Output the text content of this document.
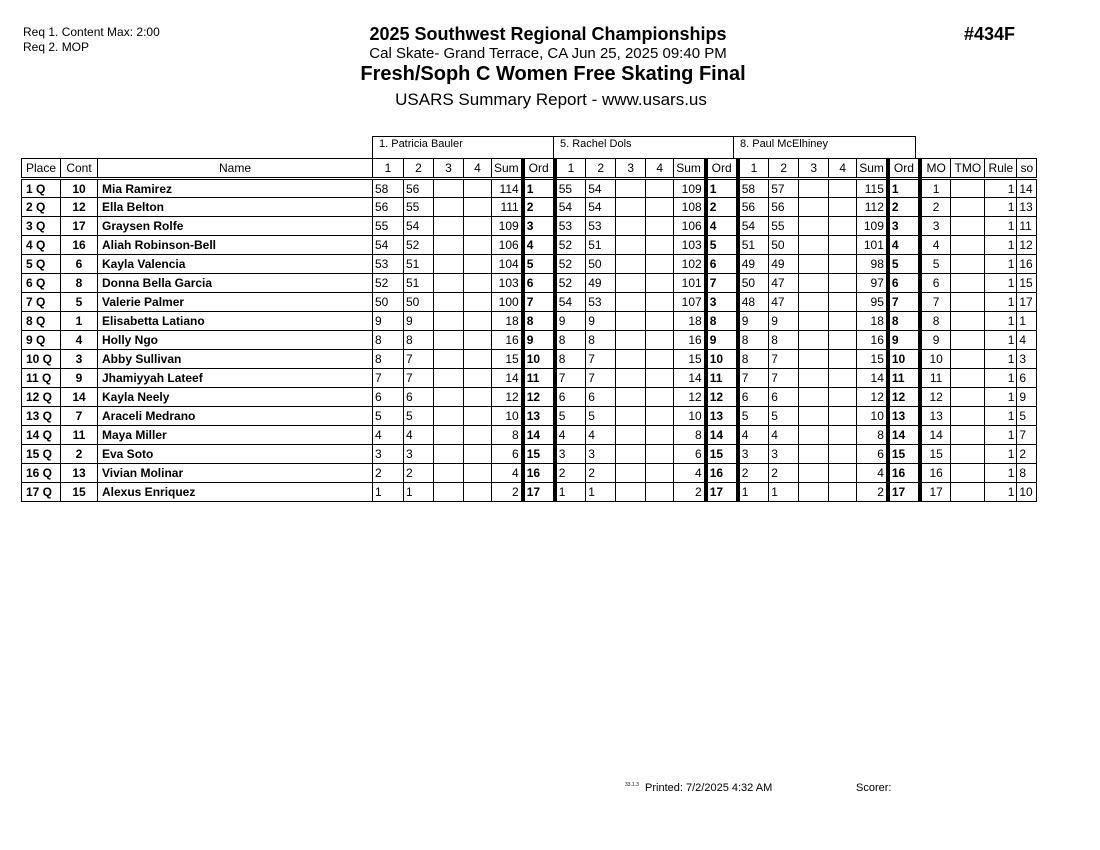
Req 1. Content Max: 2:00
Req 2. MOP
2025 Southwest Regional Championships
Cal Skate- Grand Terrace, CA Jun 25, 2025 09:40 PM
Fresh/Soph C Women Free Skating Final
USARS Summary Report - www.usars.us
#434F
1. Patricia Bauler	5. Rachel Dols	8. Paul McElhiney
Place	Cont	Name	1	2	3	4	Sum	Ord	1	2	3	4	Sum	Ord	1	2	3	4	Sum	Ord	MO	TMO	Rule	so
1 Q	10	Mia Ramirez	58	56			114	1	55	54			109	1	58	57			115	1	1		1	14
2 Q	12	Ella Belton	56	55			111	2	54	54			108	2	56	56			112	2	2		1	13
3 Q	17	Graysen Rolfe	55	54			109	3	53	53			106	4	54	55			109	3	3		1	11
4 Q	16	Aliah Robinson-Bell	54	52			106	4	52	51			103	5	51	50			101	4	4		1	12
5 Q	6	Kayla Valencia	53	51			104	5	52	50			102	6	49	49			98	5	5		1	16
6 Q	8	Donna Bella Garcia	52	51			103	6	52	49			101	7	50	47			97	6	6		1	15
7 Q	5	Valerie Palmer	50	50			100	7	54	53			107	3	48	47			95	7	7		1	17
8 Q	1	Elisabetta Latiano	9	9			18	8	9	9			18	8	9	9			18	8	8		1	1
9 Q	4	Holly Ngo	8	8			16	9	8	8			16	9	8	8			16	9	9		1	4
10 Q	3	Abby Sullivan	8	7			15	10	8	7			15	10	8	7			15	10	10		1	3
11 Q	9	Jhamiyyah Lateef	7	7			14	11	7	7			14	11	7	7			14	11	11		1	6
12 Q	14	Kayla Neely	6	6			12	12	6	6			12	12	6	6			12	12	12		1	9
13 Q	7	Araceli Medrano	5	5			10	13	5	5			10	13	5	5			10	13	13		1	5
14 Q	11	Maya Miller	4	4			8	14	4	4			8	14	4	4			8	14	14		1	7
15 Q	2	Eva Soto	3	3			6	15	3	3			6	15	3	3			6	15	15		1	2
16 Q	13	Vivian Molinar	2	2			4	16	2	2			4	16	2	2			4	16	16		1	8
17 Q	15	Alexus Enriquez	1	1			2	17	1	1			2	17	1	1			2	17	17		1	10
$^{33.1.3}$ Printed: 7/2/2025 4:32 AM	Scorer:
